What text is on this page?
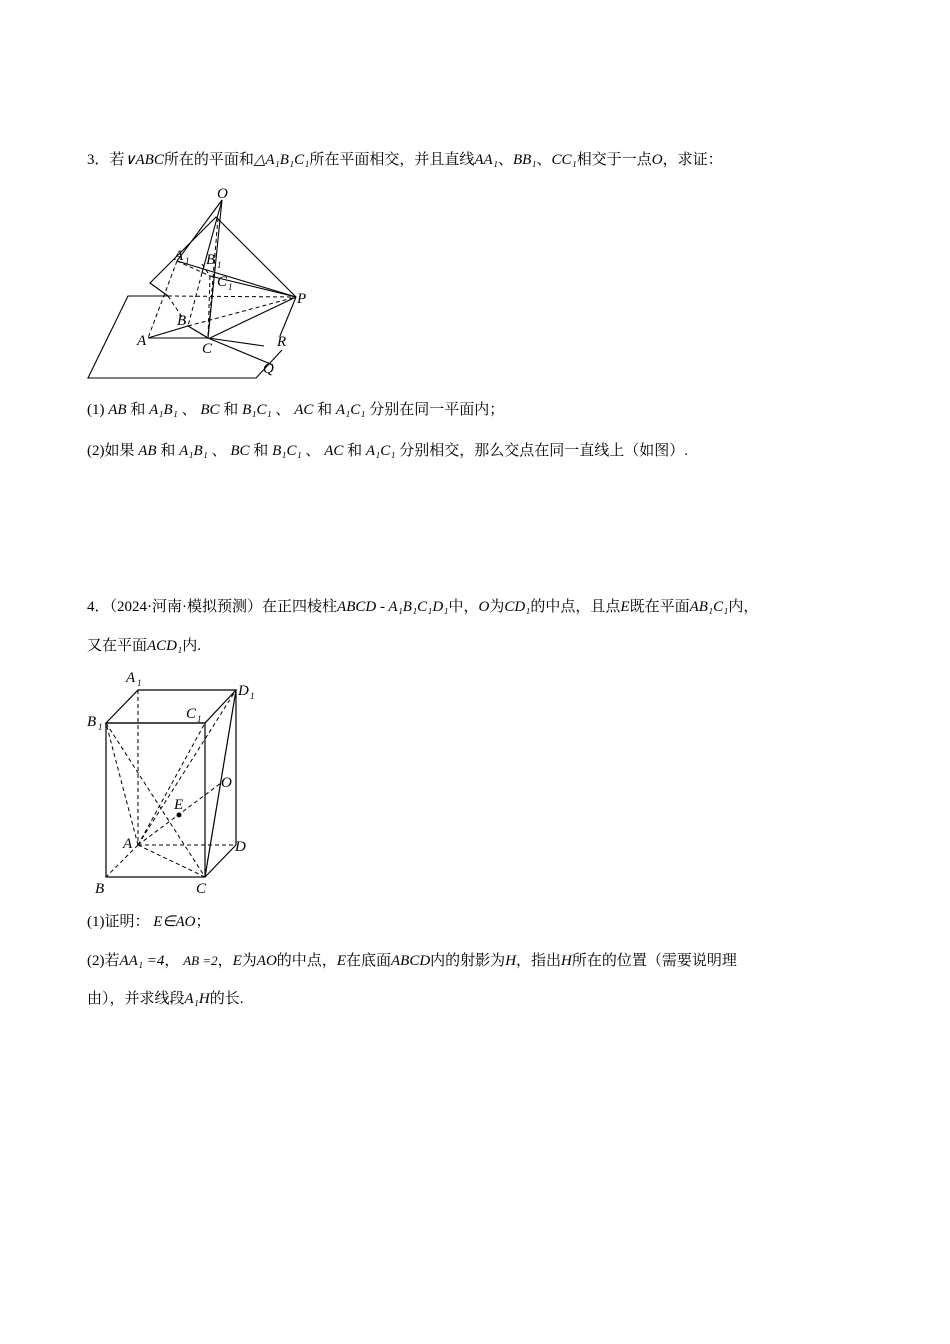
3．若∨ABC所在的平面和△A₁B₁C₁所在平面相交，并且直线AA₁、BB₁、CC₁相交于一点O，求证：
O
A 1 B 1
C 1
P
B
A	C	R
Q
(1) AB 和 A₁B₁ 、 BC 和 B₁C₁ 、 AC 和 A₁C₁ 分别在同一平面内；
(2)如果 AB 和 A₁B₁ 、 BC 和 B₁C₁ 、 AC 和 A₁C₁ 分别相交，那么交点在同一直线上（如图）.
4．（2024·河南·模拟预测）在正四棱柱ABCD - A₁B₁C₁D₁中，O为CD₁的中点，且点E既在平面AB₁C₁内，
又在平面ACD₁内.
A 1	D 1
B 1
C 1
O
E
A	D
B	C
(1)证明： E∈AO；
(2)若AA₁ =4， AB =2，E为AO的中点，E在底面ABCD内的射影为H，指出H所在的位置（需要说明理
由），并求线段A₁H的长.
